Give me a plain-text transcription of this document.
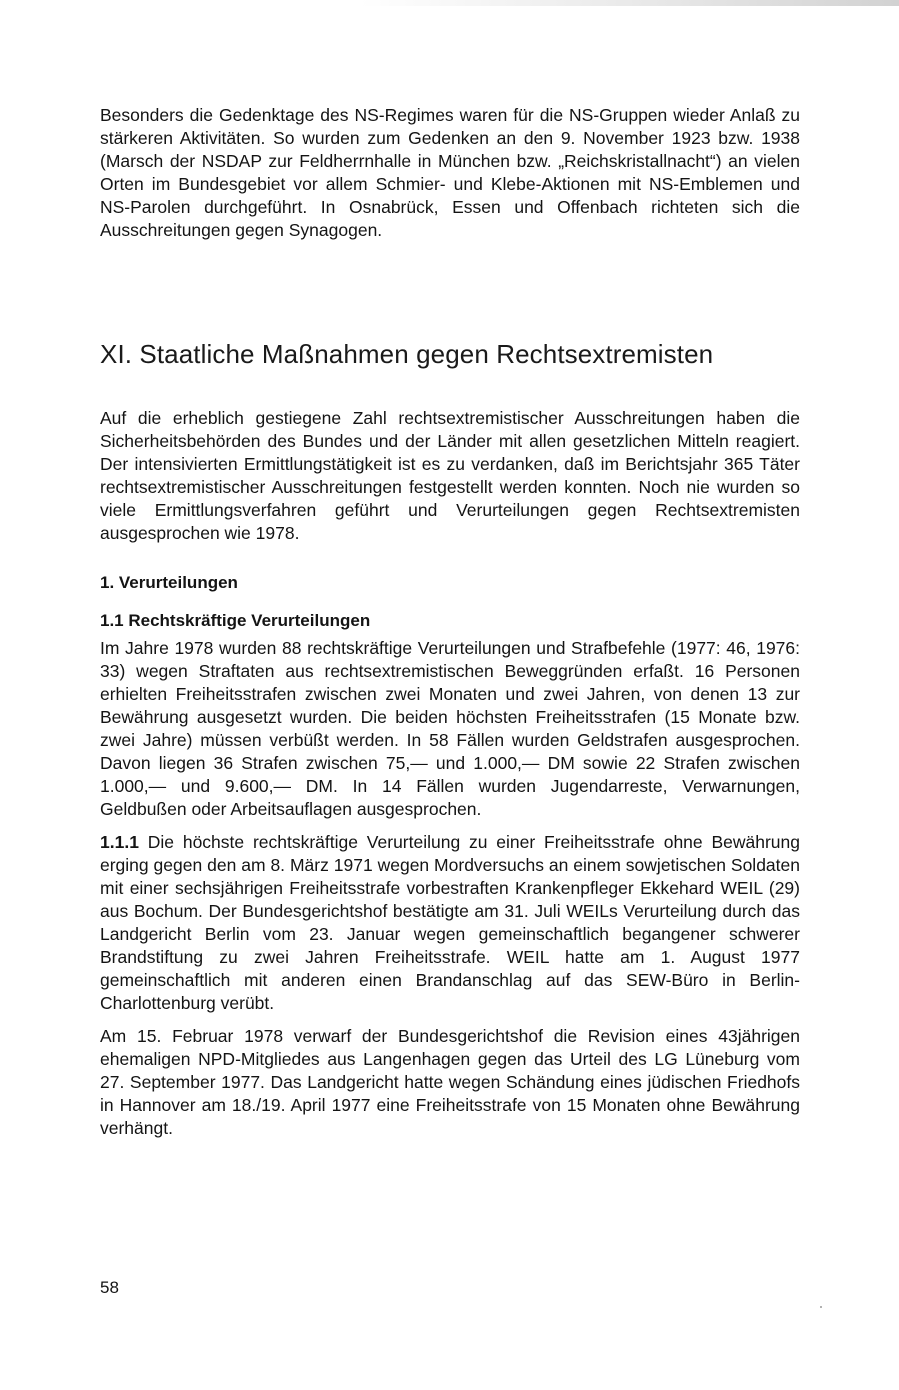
Besonders die Gedenktage des NS-Regimes waren für die NS-Gruppen wieder Anlaß zu stärkeren Aktivitäten. So wurden zum Gedenken an den 9. November 1923 bzw. 1938 (Marsch der NSDAP zur Feldherrnhalle in München bzw. „Reichskristallnacht“) an vielen Orten im Bundesgebiet vor allem Schmier- und Klebe-Aktionen mit NS-Emblemen und NS-Parolen durchgeführt. In Osnabrück, Essen und Offenbach richteten sich die Ausschreitungen gegen Synagogen.

XI. Staatliche Maßnahmen gegen Rechtsextremisten

Auf die erheblich gestiegene Zahl rechtsextremistischer Ausschreitungen haben die Sicherheitsbehörden des Bundes und der Länder mit allen gesetzlichen Mitteln reagiert. Der intensivierten Ermittlungstätigkeit ist es zu verdanken, daß im Berichtsjahr 365 Täter rechtsextremistischer Ausschreitungen festgestellt werden konnten. Noch nie wurden so viele Ermittlungsverfahren geführt und Verurteilungen gegen Rechtsextremisten ausgesprochen wie 1978.

1. Verurteilungen
1.1 Rechtskräftige Verurteilungen

Im Jahre 1978 wurden 88 rechtskräftige Verurteilungen und Strafbefehle (1977: 46, 1976: 33) wegen Straftaten aus rechtsextremistischen Beweggründen erfaßt. 16 Personen erhielten Freiheitsstrafen zwischen zwei Monaten und zwei Jahren, von denen 13 zur Bewährung ausgesetzt wurden. Die beiden höchsten Freiheitsstrafen (15 Monate bzw. zwei Jahre) müssen verbüßt werden. In 58 Fällen wurden Geldstrafen ausgesprochen. Davon liegen 36 Strafen zwischen 75,— und 1.000,— DM sowie 22 Strafen zwischen 1.000,— und 9.600,— DM. In 14 Fällen wurden Jugendarreste, Verwarnungen, Geldbußen oder Arbeitsauflagen ausgesprochen.

1.1.1 Die höchste rechtskräftige Verurteilung zu einer Freiheitsstrafe ohne Bewährung erging gegen den am 8. März 1971 wegen Mordversuchs an einem sowjetischen Soldaten mit einer sechsjährigen Freiheitsstrafe vorbestraften Krankenpfleger Ekkehard WEIL (29) aus Bochum. Der Bundesgerichtshof bestätigte am 31. Juli WEILs Verurteilung durch das Landgericht Berlin vom 23. Januar wegen gemeinschaftlich begangener schwerer Brandstiftung zu zwei Jahren Freiheitsstrafe. WEIL hatte am 1. August 1977 gemeinschaftlich mit anderen einen Brandanschlag auf das SEW-Büro in Berlin-Charlottenburg verübt.

Am 15. Februar 1978 verwarf der Bundesgerichtshof die Revision eines 43jährigen ehemaligen NPD-Mitgliedes aus Langenhagen gegen das Urteil des LG Lüneburg vom 27. September 1977. Das Landgericht hatte wegen Schändung eines jüdischen Friedhofs in Hannover am 18./19. April 1977 eine Freiheitsstrafe von 15 Monaten ohne Bewährung verhängt.

58
